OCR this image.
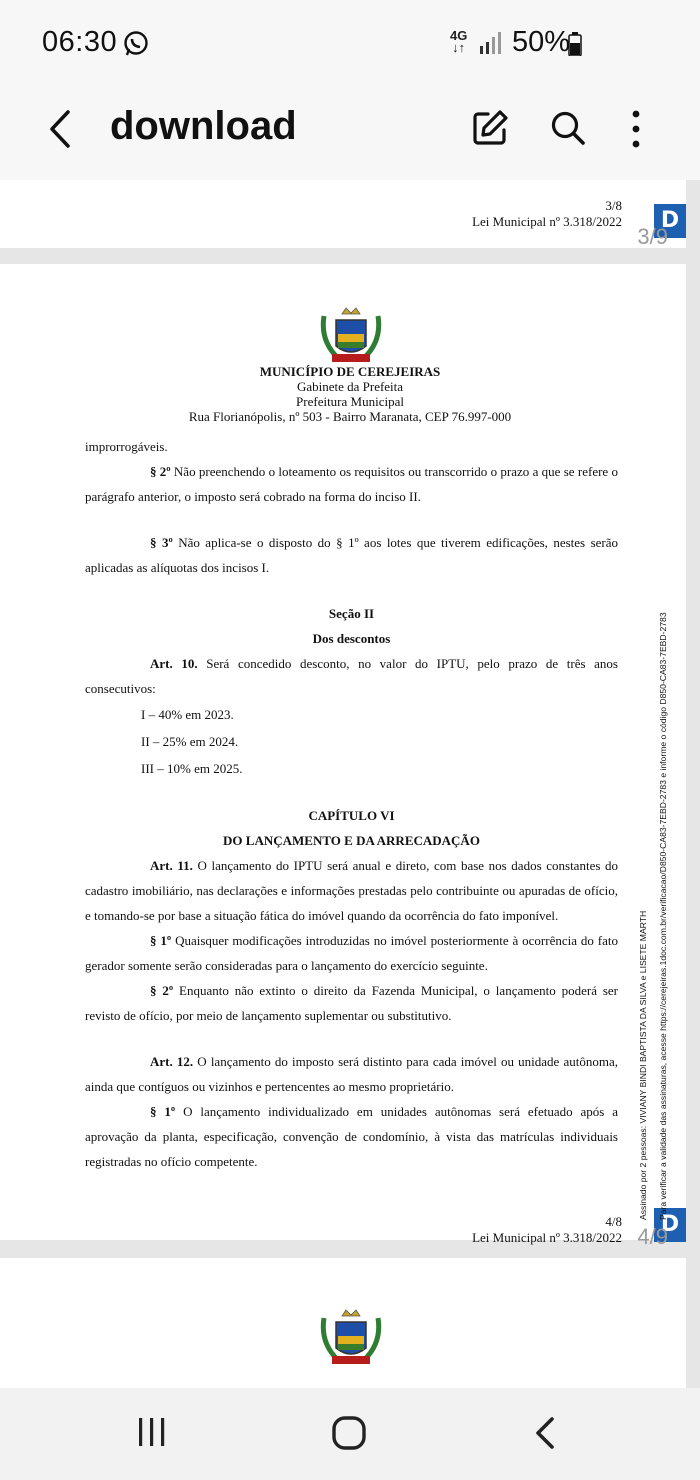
06:30	4G
↓↑ 50%
download
3/8
Lei Municipal nº 3.318/2022	D
3/9
MUNICÍPIO DE CEREJEIRAS
Gabinete da Prefeita
Prefeitura Municipal
Rua Florianópolis, nº 503 - Bairro Maranata, CEP 76.997-000
improrrogáveis.
§ 2º Não preenchendo o loteamento os requisitos ou transcorrido o prazo a que se refere o parágrafo anterior, o imposto será cobrado na forma do inciso II.
§ 3º Não aplica-se o disposto do § 1º aos lotes que tiverem edificações, nestes serão aplicadas as alíquotas dos incisos I.
Seção II
Dos descontos
Art. 10. Será concedido desconto, no valor do IPTU, pelo prazo de três anos consecutivos:
I – 40% em 2023.
II – 25% em 2024.
III – 10% em 2025.
CAPÍTULO VI
DO LANÇAMENTO E DA ARRECADAÇÃO
Art. 11. O lançamento do IPTU será anual e direto, com base nos dados constantes do cadastro imobiliário, nas declarações e informações prestadas pelo contribuinte ou apuradas de ofício, e tomando-se por base a situação fática do imóvel quando da ocorrência do fato imponível.
§ 1º Quaisquer modificações introduzidas no imóvel posteriormente à ocorrência do fato gerador somente serão consideradas para o lançamento do exercício seguinte.
§ 2º Enquanto não extinto o direito da Fazenda Municipal, o lançamento poderá ser revisto de ofício, por meio de lançamento suplementar ou substitutivo.
Art. 12. O lançamento do imposto será distinto para cada imóvel ou unidade autônoma, ainda que contíguos ou vizinhos e pertencentes ao mesmo proprietário.
§ 1º O lançamento individualizado em unidades autônomas será efetuado após a aprovação da planta, especificação, convenção de condomínio, à vista das matrículas individuais registradas no ofício competente.
4/8
Lei Municipal nº 3.318/2022
D
4/9
Assinado por 2 pessoas: VIVIANY BINDI BAPTISTA DA SILVA e LISETE MARTH	Para verificar a validade das assinaturas, acesse https://cerejeiras.1doc.com.br/verificacao/D850-CA83-7EBD-2783 e informe o código D850-CA83-7EBD-2783
